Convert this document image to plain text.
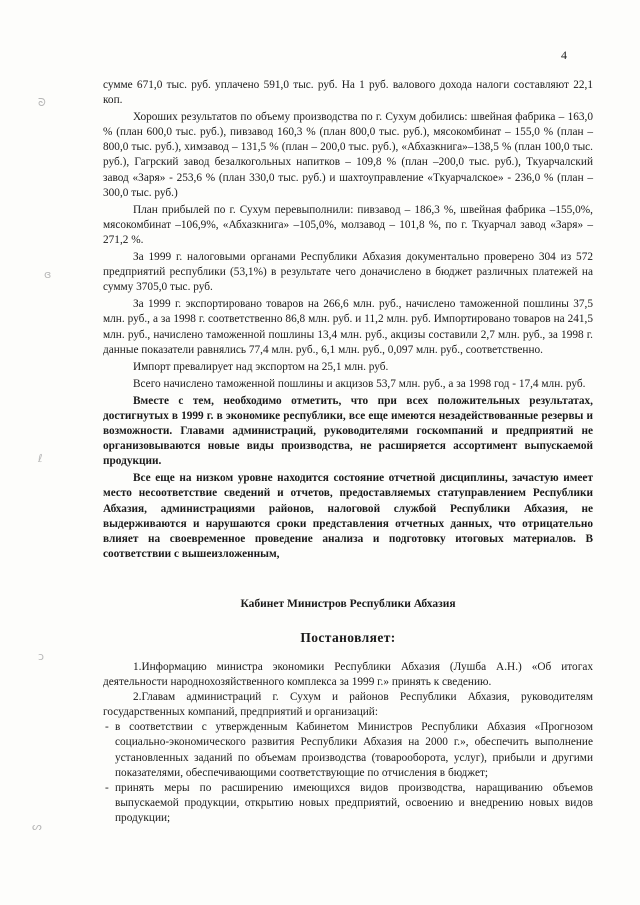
4
ᘐ
ɞ
ℓ
ɔ
ᔕ

сумме 671,0 тыс. руб. уплачено 591,0 тыс. руб. На 1 руб. валового дохода налоги составляют 22,1 коп.

Хороших результатов по объему производства по г. Сухум добились: швейная фабрика – 163,0 % (план 600,0 тыс. руб.), пивзавод 160,3 % (план 800,0 тыс. руб.), мясокомбинат – 155,0 % (план – 800,0 тыс. руб.), химзавод – 131,5 % (план – 200,0 тыс. руб.), «Абхазкнига»–138,5 % (план 100,0 тыс. руб.), Гагрский завод безалкогольных напитков – 109,8 % (план –200,0 тыс. руб.), Ткуарчалский завод «Заря» - 253,6 % (план 330,0 тыс. руб.) и шахтоуправление «Ткуарчалское» - 236,0 % (план – 300,0 тыс. руб.)

План прибылей по г. Сухум перевыполнили: пивзавод – 186,3 %, швейная фабрика –155,0%, мясокомбинат –106,9%, «Абхазкнига» –105,0%, молзавод – 101,8 %, по г. Ткуарчал завод «Заря» –271,2 %.

За 1999 г. налоговыми органами Республики Абхазия документально проверено 304 из 572 предприятий республики (53,1%) в результате чего доначислено в бюджет различных платежей на сумму 3705,0 тыс. руб.

За 1999 г. экспортировано товаров на 266,6 млн. руб., начислено таможенной пошлины 37,5 млн. руб., а за 1998 г. соответственно 86,8 млн. руб. и 11,2 млн. руб. Импортировано товаров на 241,5 млн. руб., начислено таможенной пошлины 13,4 млн. руб., акцизы составили 2,7 млн. руб., за 1998 г. данные показатели равнялись 77,4 млн. руб., 6,1 млн. руб., 0,097 млн. руб., соответственно.

Импорт превалирует над экспортом на 25,1 млн. руб.

Всего начислено таможенной пошлины и акцизов 53,7 млн. руб., а за 1998 год - 17,4 млн. руб.

Вместе с тем, необходимо отметить, что при всех положительных результатах, достигнутых в 1999 г. в экономике республики, все еще имеются незадействованные резервы и возможности. Главами администраций, руководителями госкомпаний и предприятий не организовываются новые виды производства, не расширяется ассортимент выпускаемой продукции.

Все еще на низком уровне находится состояние отчетной дисциплины, зачастую имеет место несоответствие сведений и отчетов, предоставляемых статуправлением Республики Абхазия, администрациями районов, налоговой службой Республики Абхазия, не выдерживаются и нарушаются сроки представления отчетных данных, что отрицательно влияет на своевременное проведение анализа и подготовку итоговых материалов. В соответствии с вышеизложенным,

Кабинет Министров Республики Абхазия
Постановляет:

1.Информацию министра экономики Республики Абхазия (Лушба А.Н.) «Об итогах деятельности народнохозяйственного комплекса за 1999 г.» принять к сведению.

2.Главам администраций г. Сухум и районов Республики Абхазия, руководителям государственных компаний, предприятий и организаций:

- в соответствии с утвержденным Кабинетом Министров Республики Абхазия «Прогнозом социально-экономического развития Республики Абхазия на 2000 г.», обеспечить выполнение установленных заданий по объемам производства (товарооборота, услуг), прибыли и другими показателями, обеспечивающими соответствующие по отчисления в бюджет;
- принять меры по расширению имеющихся видов производства, наращиванию объемов выпускаемой продукции, открытию новых предприятий, освоению и внедрению новых видов продукции;
